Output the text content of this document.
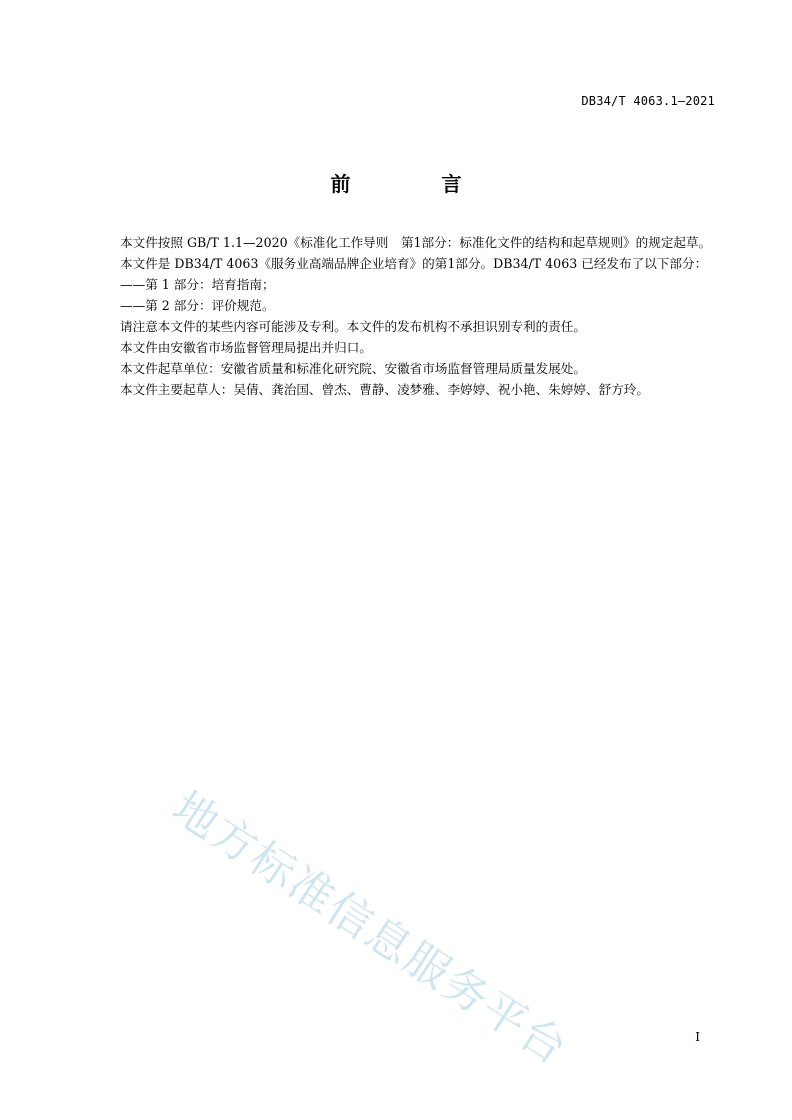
DB34/T 4063.1—2021
前 言

本文件按照 GB/T 1.1—2020《标准化工作导则　第1部分：标准化文件的结构和起草规则》的规定起草。

本文件是 DB34/T 4063《服务业高端品牌企业培育》的第1部分。DB34/T 4063 已经发布了以下部分：

——第 1 部分：培育指南；

——第 2 部分：评价规范。

请注意本文件的某些内容可能涉及专利。本文件的发布机构不承担识别专利的责任。

本文件由安徽省市场监督管理局提出并归口。

本文件起草单位：安徽省质量和标准化研究院、安徽省市场监督管理局质量发展处。

本文件主要起草人：吴倩、龚治国、曾杰、曹静、凌梦雅、李婷婷、祝小艳、朱婷婷、舒方玲。

地方标准信息服务平台	I
